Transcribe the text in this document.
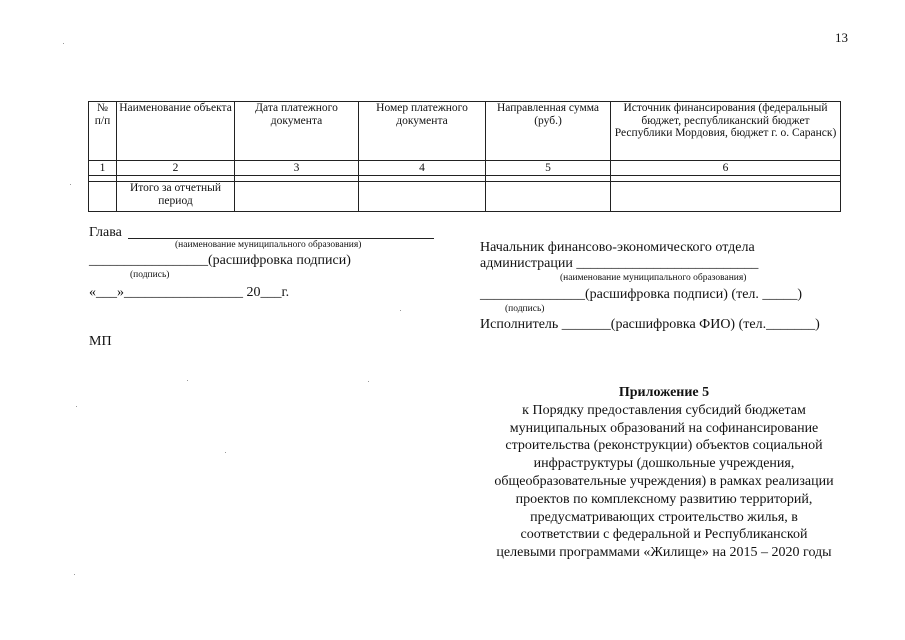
13
№ п/п	Наименование объекта	Дата платежного документа	Номер платежного документа	Направленная сумма (руб.)	Источник финансирования (федеральный бюджет, республиканский бюджет Республики Мордовия, бюджет г. о. Саранск)
1	2	3	4	5	6

	Итого за отчетный период				
Глава
(наименование муниципального образования)
_________________(расшифровка подписи)
(подпись)
«___»_________________ 20___г.
МП
Начальник финансово-экономического отдела
администрации __________________________
(наименование муниципального образования)
_______________(расшифровка подписи) (тел. _____)
(подпись)
Исполнитель _______(расшифровка ФИО) (тел._______)
Приложение 5
к Порядку предоставления субсидий бюджетам
муниципальных образований на софинансирование
строительства (реконструкции) объектов социальной
инфраструктуры (дошкольные учреждения,
общеобразовательные учреждения) в рамках реализации
проектов по комплексному развитию территорий,
предусматривающих строительство жилья, в
соответствии с федеральной и Республиканской
целевыми программами «Жилище» на 2015 – 2020 годы
